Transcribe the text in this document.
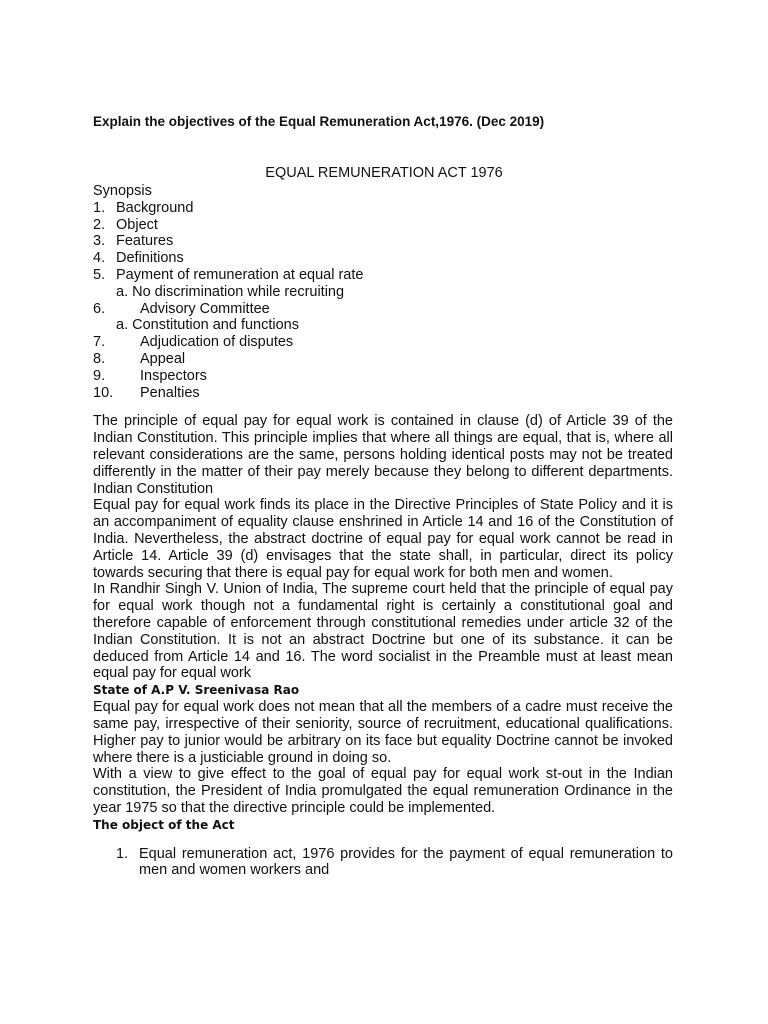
Explain the objectives of the Equal Remuneration Act,1976. (Dec 2019)
EQUAL REMUNERATION ACT 1976

Synopsis

1. Background
2. Object
3. Features
4. Definitions
5. Payment of remuneration at equal rate
a. No discrimination while recruiting
6. Advisory Committee
a. Constitution and functions
7. Adjudication of disputes
8. Appeal
9. Inspectors
10. Penalties

The principle of equal pay for equal work is contained in clause (d) of Article 39 of the Indian Constitution. This principle implies that where all things are equal, that is, where all relevant considerations are the same, persons holding identical posts may not be treated differently in the matter of their pay merely because they belong to different departments. Indian Constitution

Equal pay for equal work finds its place in the Directive Principles of State Policy and it is an accompaniment of equality clause enshrined in Article 14 and 16 of the Constitution of India. Nevertheless, the abstract doctrine of equal pay for equal work cannot be read in Article 14. Article 39 (d) envisages that the state shall, in particular, direct its policy towards securing that there is equal pay for equal work for both men and women.

In Randhir Singh V. Union of India, The supreme court held that the principle of equal pay for equal work though not a fundamental right is certainly a constitutional goal and therefore capable of enforcement through constitutional remedies under article 32 of the Indian Constitution. It is not an abstract Doctrine but one of its substance. it can be deduced from Article 14 and 16. The word socialist in the Preamble must at least mean equal pay for equal work

State of A.P V. Sreenivasa Rao

Equal pay for equal work does not mean that all the members of a cadre must receive the same pay, irrespective of their seniority, source of recruitment, educational qualifications. Higher pay to junior would be arbitrary on its face but equality Doctrine cannot be invoked where there is a justiciable ground in doing so.

With a view to give effect to the goal of equal pay for equal work st-out in the Indian constitution, the President of India promulgated the equal remuneration Ordinance in the year 1975 so that the directive principle could be implemented.

The object of the Act

1. Equal remuneration act, 1976 provides for the payment of equal remuneration to men and women workers and
